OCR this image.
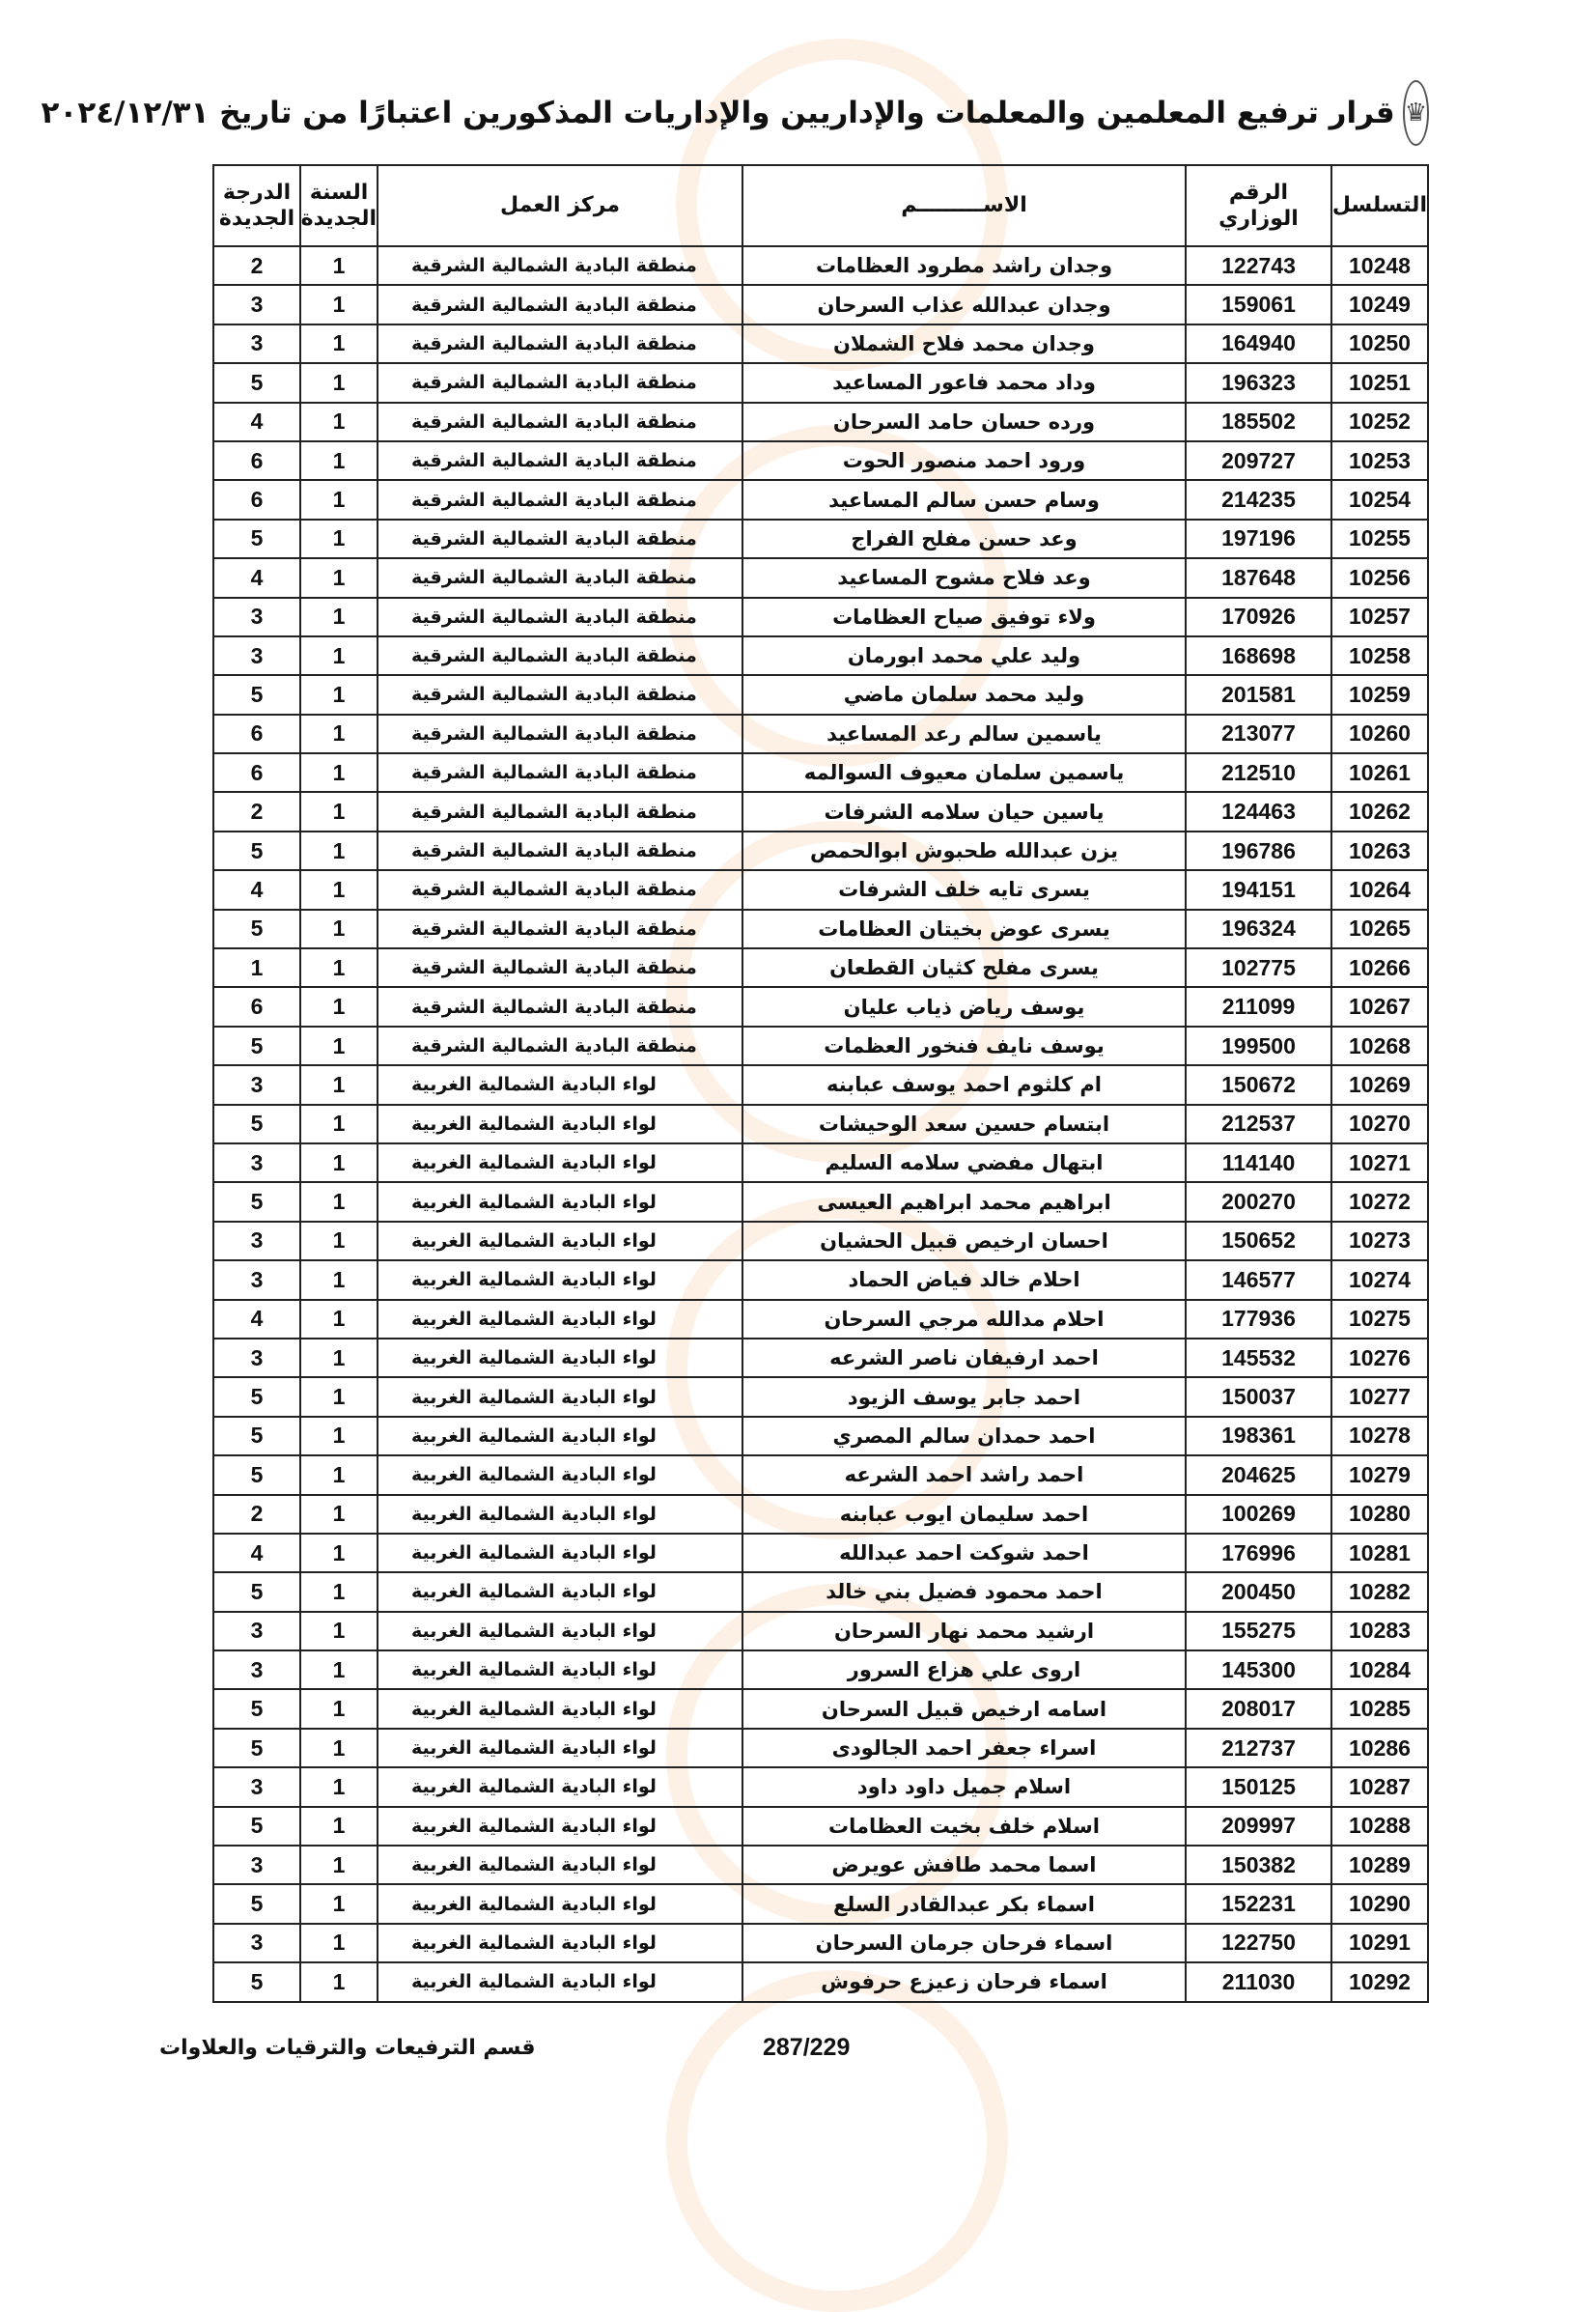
♛
قرار ترفيع المعلمين والمعلمات والإداريين والإداريات المذكورين اعتبارًا من تاريخ ٢٠٢٤/١٢/٣١
التسلسل	الرقم الوزاري	الاســـــــــم	مركز العمل	السنة الجديدة	الدرجة الجديدة
10248	122743	وجدان راشد مطرود العظامات	منطقة البادية الشمالية الشرقية	1	2
10249	159061	وجدان عبدالله عذاب السرحان	منطقة البادية الشمالية الشرقية	1	3
10250	164940	وجدان محمد فلاح الشملان	منطقة البادية الشمالية الشرقية	1	3
10251	196323	وداد محمد فاعور المساعيد	منطقة البادية الشمالية الشرقية	1	5
10252	185502	ورده حسان حامد السرحان	منطقة البادية الشمالية الشرقية	1	4
10253	209727	ورود احمد منصور الحوت	منطقة البادية الشمالية الشرقية	1	6
10254	214235	وسام حسن سالم المساعيد	منطقة البادية الشمالية الشرقية	1	6
10255	197196	وعد حسن مفلح الفراج	منطقة البادية الشمالية الشرقية	1	5
10256	187648	وعد فلاح مشوح المساعيد	منطقة البادية الشمالية الشرقية	1	4
10257	170926	ولاء توفيق صياح العظامات	منطقة البادية الشمالية الشرقية	1	3
10258	168698	وليد علي محمد ابورمان	منطقة البادية الشمالية الشرقية	1	3
10259	201581	وليد محمد سلمان ماضي	منطقة البادية الشمالية الشرقية	1	5
10260	213077	ياسمين سالم رعد المساعيد	منطقة البادية الشمالية الشرقية	1	6
10261	212510	ياسمين سلمان معيوف السوالمه	منطقة البادية الشمالية الشرقية	1	6
10262	124463	ياسين حيان سلامه الشرفات	منطقة البادية الشمالية الشرقية	1	2
10263	196786	يزن عبدالله طحبوش ابوالحمص	منطقة البادية الشمالية الشرقية	1	5
10264	194151	يسرى تايه خلف الشرفات	منطقة البادية الشمالية الشرقية	1	4
10265	196324	يسرى عوض بخيتان العظامات	منطقة البادية الشمالية الشرقية	1	5
10266	102775	يسرى مفلح كثيان القطعان	منطقة البادية الشمالية الشرقية	1	1
10267	211099	يوسف رياض ذياب عليان	منطقة البادية الشمالية الشرقية	1	6
10268	199500	يوسف نايف فنخور العظمات	منطقة البادية الشمالية الشرقية	1	5
10269	150672	ام كلثوم احمد يوسف عبابنه	لواء البادية الشمالية الغربية	1	3
10270	212537	ابتسام حسين سعد الوحيشات	لواء البادية الشمالية الغربية	1	5
10271	114140	ابتهال مفضي سلامه السليم	لواء البادية الشمالية الغربية	1	3
10272	200270	ابراهيم محمد ابراهيم العيسى	لواء البادية الشمالية الغربية	1	5
10273	150652	احسان ارخيص قبيل الحشيان	لواء البادية الشمالية الغربية	1	3
10274	146577	احلام خالد فياض الحماد	لواء البادية الشمالية الغربية	1	3
10275	177936	احلام مدالله مرجي السرحان	لواء البادية الشمالية الغربية	1	4
10276	145532	احمد ارفيفان ناصر الشرعه	لواء البادية الشمالية الغربية	1	3
10277	150037	احمد جابر يوسف الزيود	لواء البادية الشمالية الغربية	1	5
10278	198361	احمد حمدان سالم المصري	لواء البادية الشمالية الغربية	1	5
10279	204625	احمد راشد احمد الشرعه	لواء البادية الشمالية الغربية	1	5
10280	100269	احمد سليمان ايوب عبابنه	لواء البادية الشمالية الغربية	1	2
10281	176996	احمد شوكت احمد عبدالله	لواء البادية الشمالية الغربية	1	4
10282	200450	احمد محمود فضيل بني خالد	لواء البادية الشمالية الغربية	1	5
10283	155275	ارشيد محمد نهار السرحان	لواء البادية الشمالية الغربية	1	3
10284	145300	اروى علي هزاع السرور	لواء البادية الشمالية الغربية	1	3
10285	208017	اسامه ارخيص قبيل السرحان	لواء البادية الشمالية الغربية	1	5
10286	212737	اسراء جعفر احمد الجالودى	لواء البادية الشمالية الغربية	1	5
10287	150125	اسلام جميل داود داود	لواء البادية الشمالية الغربية	1	3
10288	209997	اسلام خلف بخيت العظامات	لواء البادية الشمالية الغربية	1	5
10289	150382	اسما محمد طافش عويرض	لواء البادية الشمالية الغربية	1	3
10290	152231	اسماء بكر عبدالقادر السلع	لواء البادية الشمالية الغربية	1	5
10291	122750	اسماء فرحان جرمان السرحان	لواء البادية الشمالية الغربية	1	3
10292	211030	اسماء فرحان زعيزع حرفوش	لواء البادية الشمالية الغربية	1	5
قسم الترفيعات والترقيات والعلاوات	287/229
